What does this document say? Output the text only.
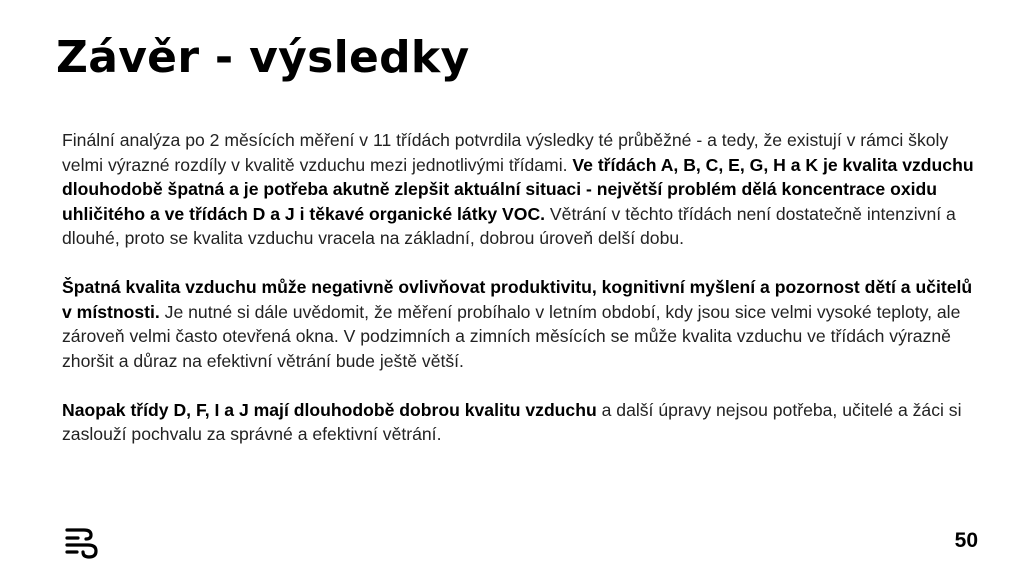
Závěr - výsledky

Finální analýza po 2 měsících měření v 11 třídách potvrdila výsledky té průběžné - a tedy, že existují v rámci školy velmi výrazné rozdíly v kvalitě vzduchu mezi jednotlivými třídami. Ve třídách A, B, C, E, G, H a K je kvalita vzduchu dlouhodobě špatná a je potřeba akutně zlepšit aktuální situaci - největší problém dělá koncentrace oxidu uhličitého a ve třídách D a J i těkavé organické látky VOC. Větrání v těchto třídách není dostatečně intenzivní a dlouhé, proto se kvalita vzduchu vracela na základní, dobrou úroveň delší dobu.

Špatná kvalita vzduchu může negativně ovlivňovat produktivitu, kognitivní myšlení a pozornost dětí a učitelů v místnosti. Je nutné si dále uvědomit, že měření probíhalo v letním období, kdy jsou sice velmi vysoké teploty, ale zároveň velmi často otevřená okna. V podzimních a zimních měsících se může kvalita vzduchu ve třídách výrazně zhoršit a důraz na efektivní větrání bude ještě větší.

Naopak třídy D, F, I a J mají dlouhodobě dobrou kvalitu vzduchu a další úpravy nejsou potřeba, učitelé a žáci si zaslouží pochvalu za správné a efektivní větrání.

50
